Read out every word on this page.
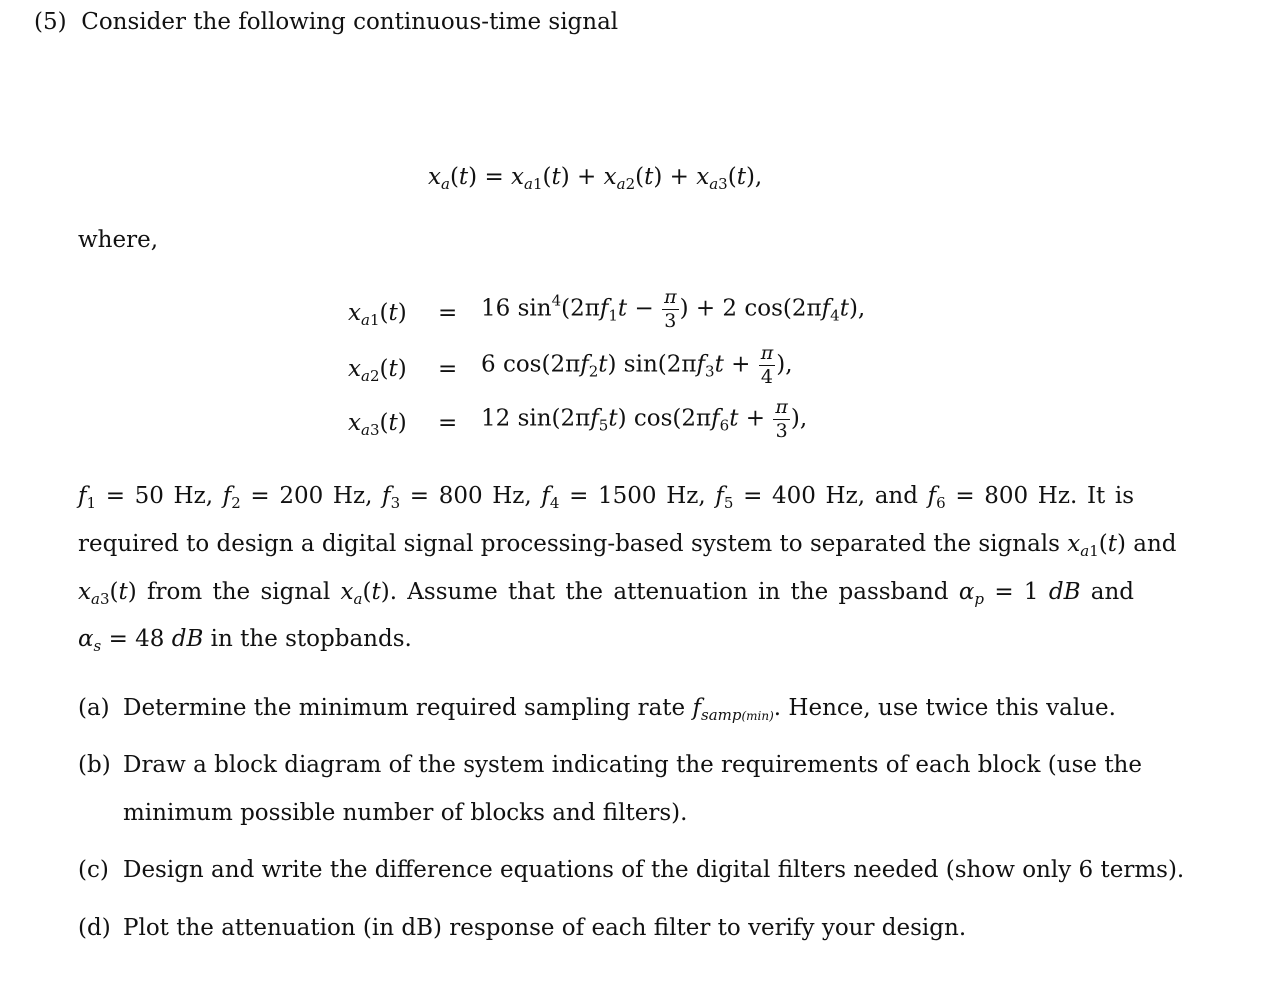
(5) Consider the following continuous-time signal
$x_a(t) = x_{a1}(t) + x_{a2}(t) + x_{a3}(t)$,
where,
$x_{a1}(t) = 16$ $\sin^4(2\pi f_1t - \frac{\pi}{3}$ ) + 2 $\cos(2\pi f_4t)$,
$x_{a2}(t) = 6$ $\cos(2\pi f_2t) \sin(2\pi f_3t + \frac{\pi}{4}$ ),
$x_{a3}(t) = 12$ $\sin(2\pi f_5t) \cos(2\pi f_6t + \frac{\pi}{3}$ ),
$f_1 = 50$ Hz, $f_2 = 200$ Hz, $f_3 = 800$ Hz, $f_4 = 1500$ Hz, $f_5 = 400$ Hz, and $f_6 = 800$ Hz. It is
required to design a digital signal processing-based system to separated the signals $x_{a1}(t)$ and
$x_{a3}(t)$ from the signal $x_a(t)$. Assume that the attenuation in the passband $\alpha_p = 1$ dB and
$\alpha_s = 48$ dB in the stopbands.
(a) Determine the minimum required sampling rate $f_{samp(min)}$. Hence, use twice this value.
(b) Draw a block diagram of the system indicating the requirements of each block (use the
minimum possible number of blocks and filters).
(c) Design and write the difference equations of the digital filters needed (show only 6 terms).
(d) Plot the attenuation (in dB) response of each filter to verify your design.
